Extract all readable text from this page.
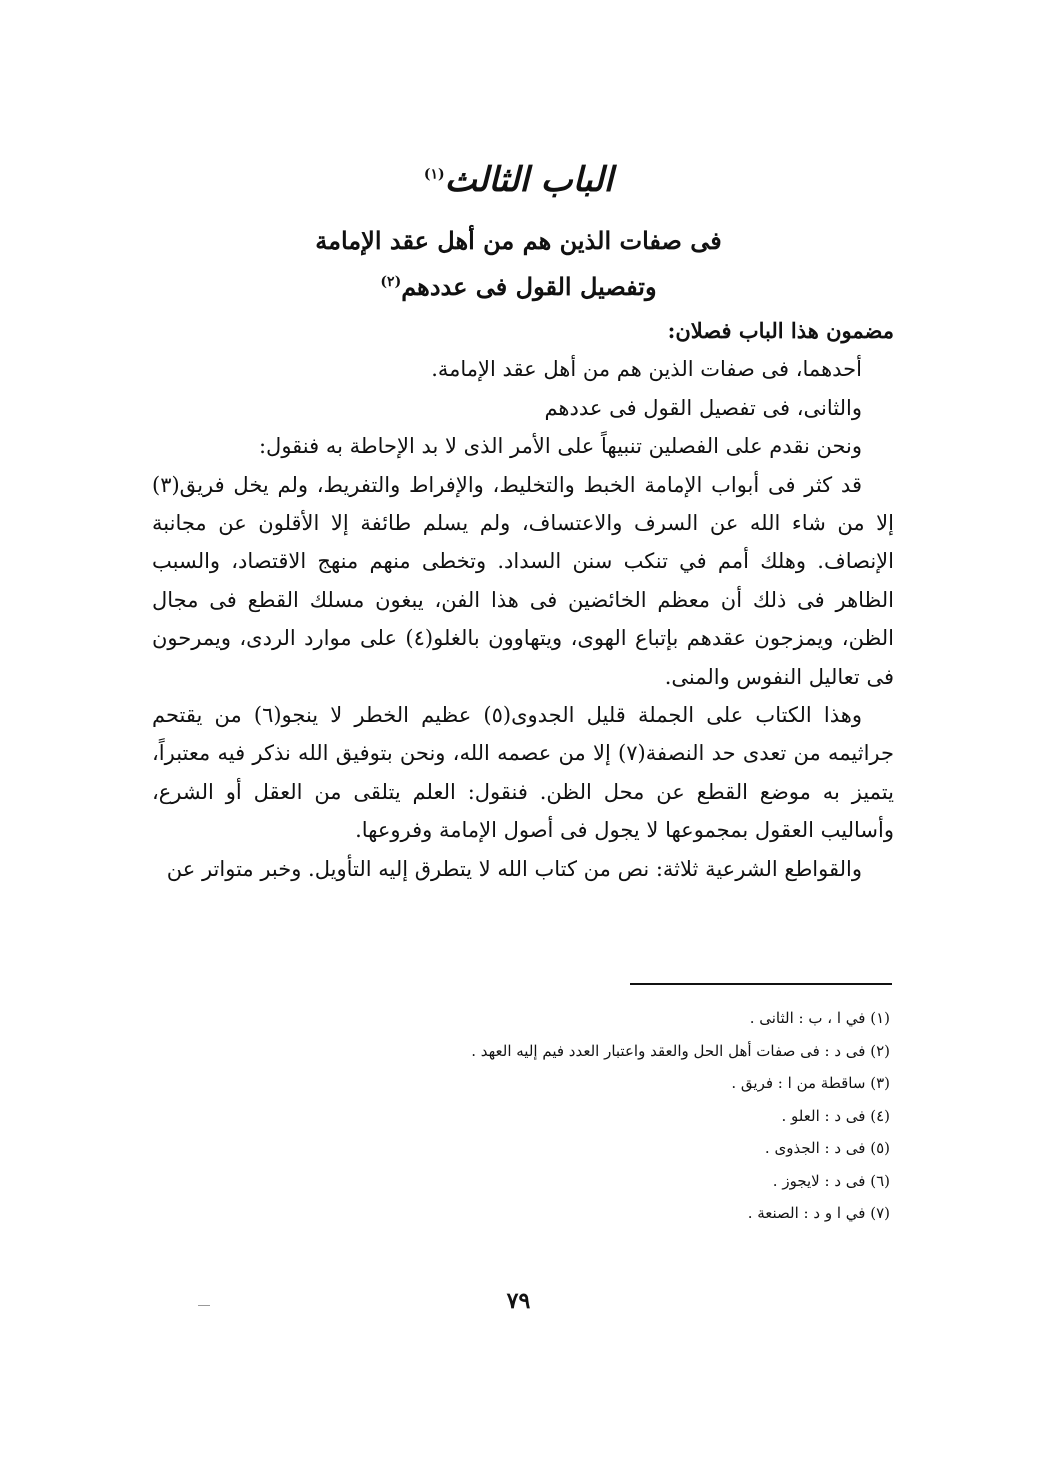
الباب الثالث$^{(١)}$
فى صفات الذين هم من أهل عقد الإمامة
وتفصيل القول فى عددهم$^{(٢)}$

مضمون هذا الباب فصلان:

أحدهما، فى صفات الذين هم من أهل عقد الإمامة.

والثانى، فى تفصيل القول فى عددهم

ونحن نقدم على الفصلين تنبيهاً على الأمر الذى لا بد الإحاطة به فنقول:

قد كثر فى أبواب الإمامة الخبط والتخليط، والإفراط والتفريط، ولم يخل فريق(٣) إلا من شاء الله عن السرف والاعتساف، ولم يسلم طائفة إلا الأقلون عن مجانبة الإنصاف. وهلك أمم في تنكب سنن السداد. وتخطى منهم منهج الاقتصاد، والسبب الظاهر فى ذلك أن معظم الخائضين فى هذا الفن، يبغون مسلك القطع فى مجال الظن، ويمزجون عقدهم بإتباع الهوى، ويتهاوون بالغلو(٤) على موارد الردى، ويمرحون فى تعاليل النفوس والمنى.

وهذا الكتاب على الجملة قليل الجدوى(٥) عظيم الخطر لا ينجو(٦) من يقتحم جراثيمه من تعدى حد النصفة(٧) إلا من عصمه الله، ونحن بتوفيق الله نذكر فيه معتبراً، يتميز به موضع القطع عن محل الظن. فنقول: العلم يتلقى من العقل أو الشرع، وأساليب العقول بمجموعها لا يجول فى أصول الإمامة وفروعها.

والقواطع الشرعية ثلاثة: نص من كتاب الله لا يتطرق إليه التأويل. وخبر متواتر عن

(١) في ا ، ب : الثانى .
(٢) فى د : فى صفات أهل الحل والعقد واعتبار العدد فيم إليه العهد .
(٣) ساقطة من ا : فريق .
(٤) فى د : العلو .
(٥) فى د : الجذوى .
(٦) فى د : لايجوز .
(٧) في ا و د : الصنعة .
٧٩
